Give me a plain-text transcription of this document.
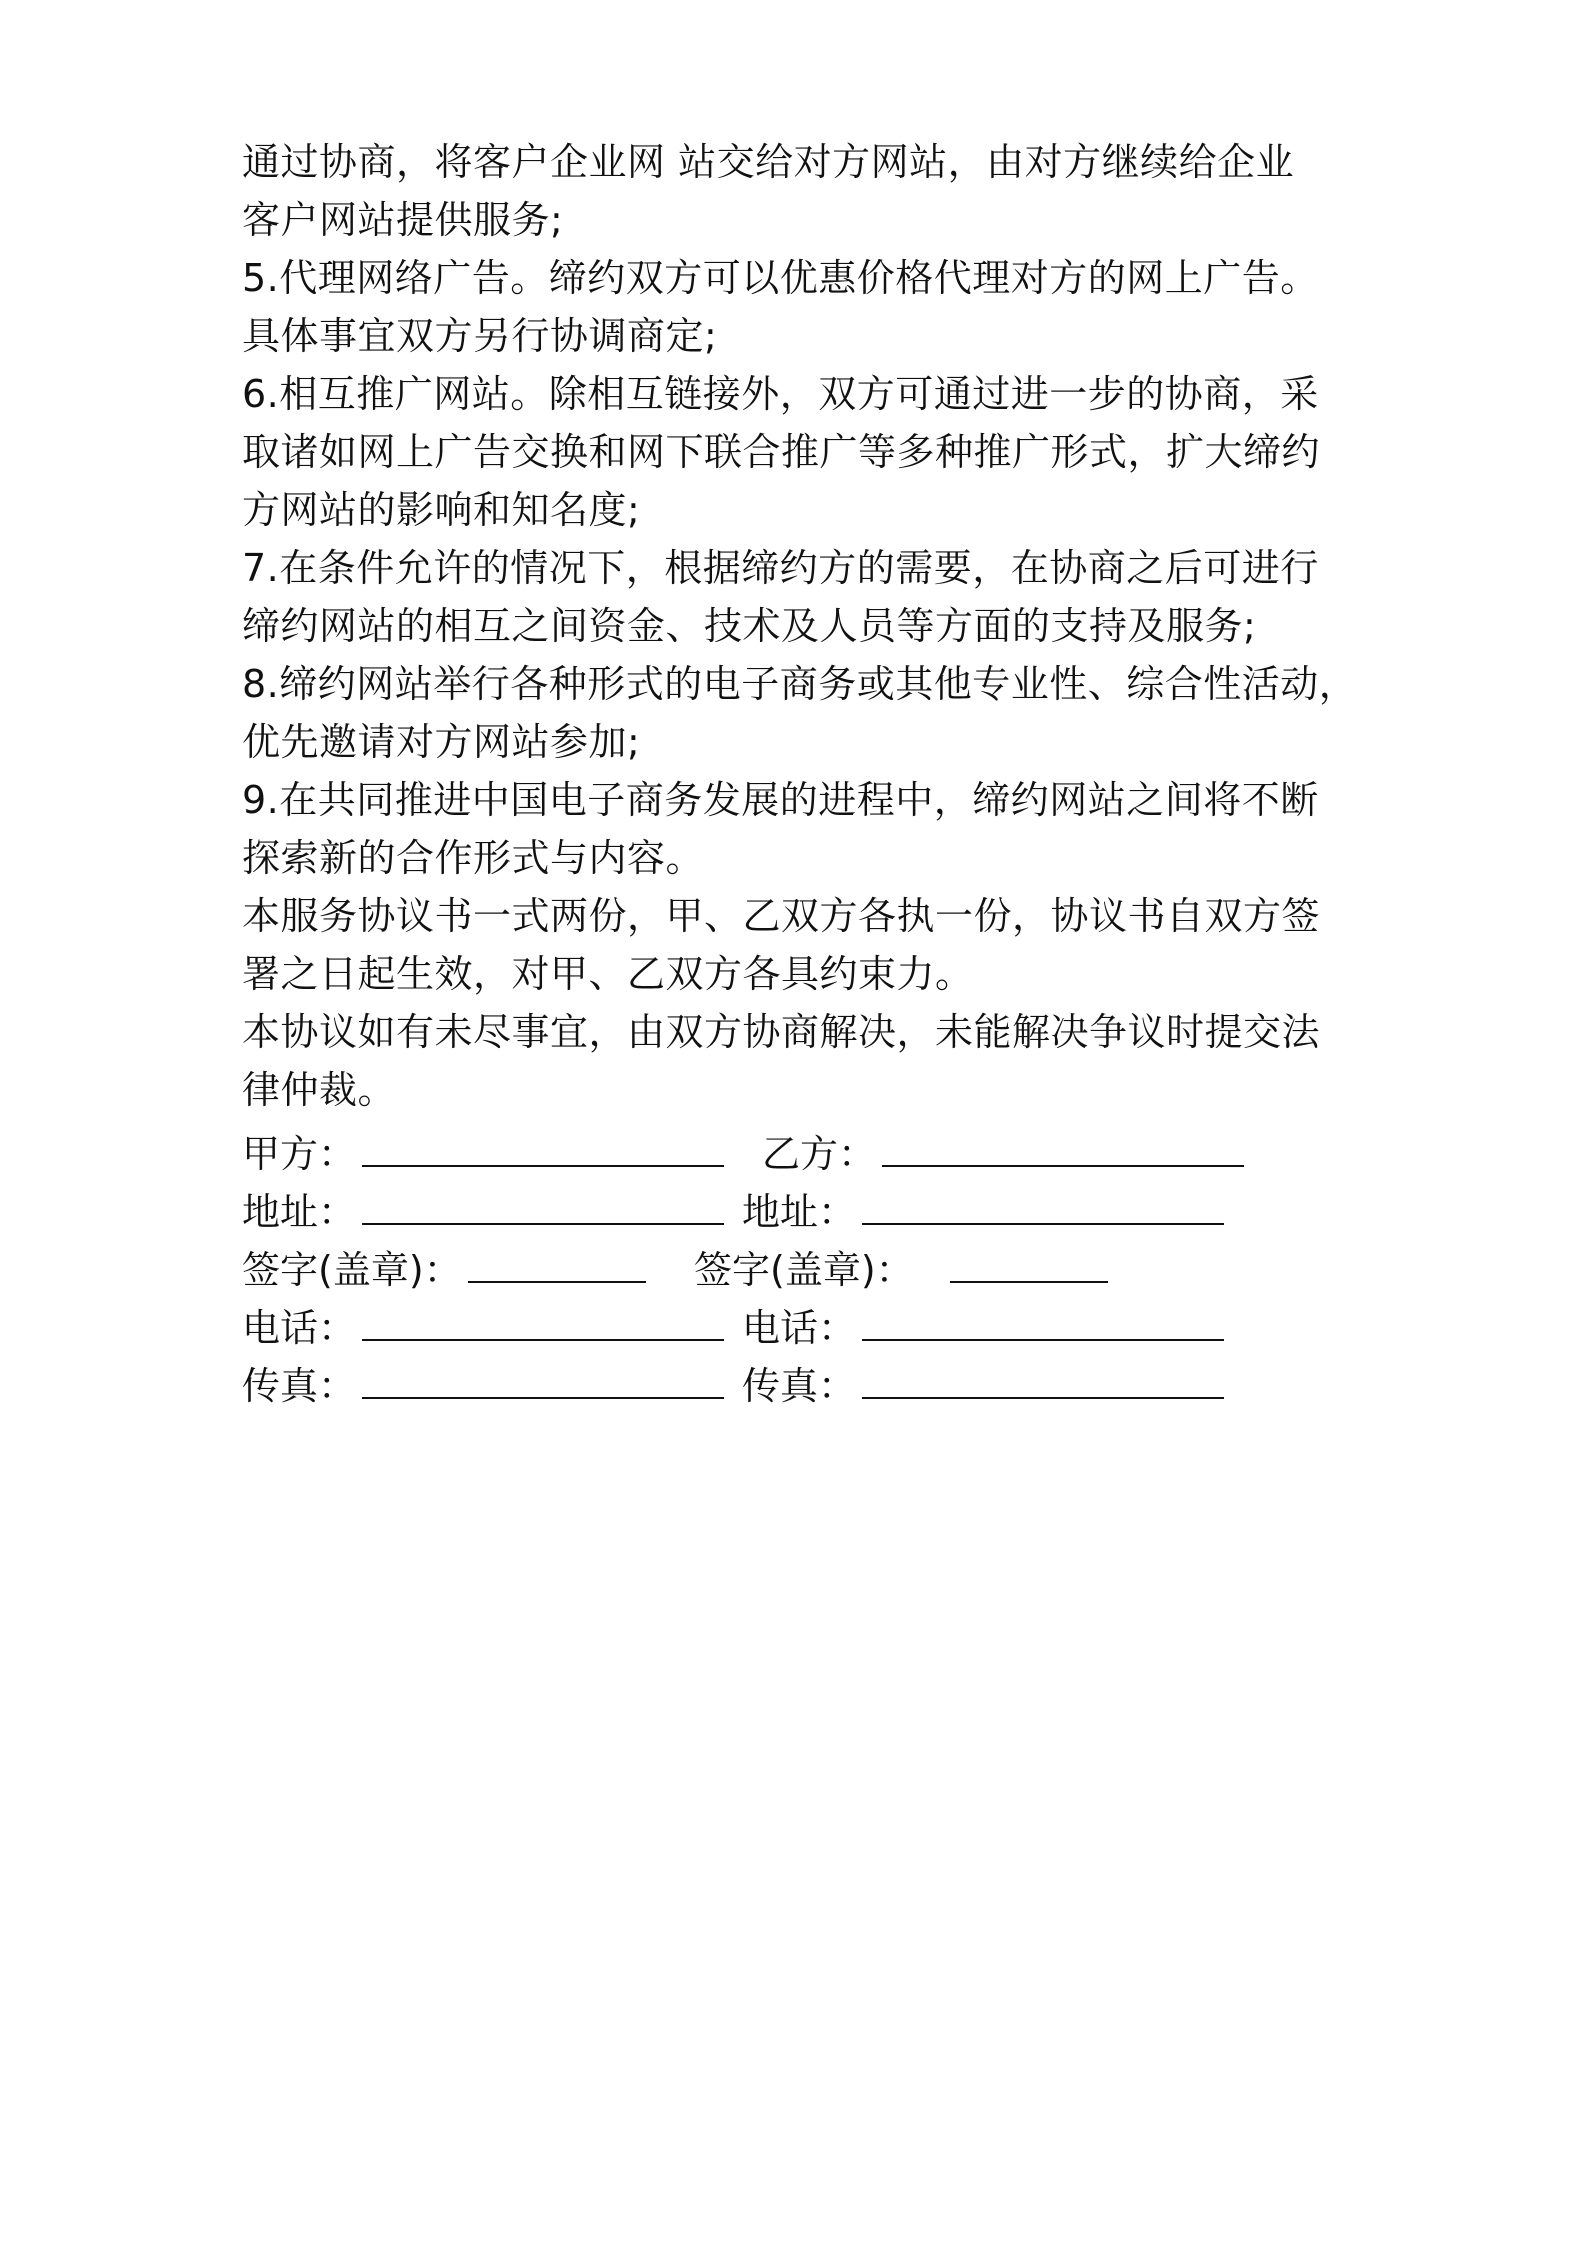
通过协商，将客户企业网 站交给对方网站，由对方继续给企业
客户网站提供服务;
5.代理网络广告。缔约双方可以优惠价格代理对方的网上广告。
具体事宜双方另行协调商定;
6.相互推广网站。除相互链接外，双方可通过进一步的协商，采
取诸如网上广告交换和网下联合推广等多种推广形式，扩大缔约
方网站的影响和知名度;
7.在条件允许的情况下，根据缔约方的需要，在协商之后可进行
缔约网站的相互之间资金、技术及人员等方面的支持及服务;
8.缔约网站举行各种形式的电子商务或其他专业性、综合性活动，
优先邀请对方网站参加;
9.在共同推进中国电子商务发展的进程中，缔约网站之间将不断
探索新的合作形式与内容。
本服务协议书一式两份，甲、乙双方各执一份，协议书自双方签
署之日起生效，对甲、乙双方各具约束力。
本协议如有未尽事宜，由双方协商解决，未能解决争议时提交法
律仲裁。
甲方：	乙方：
地址：	地址：
签字(盖章)：	签字(盖章)：
电话：	电话：
传真：	传真：
